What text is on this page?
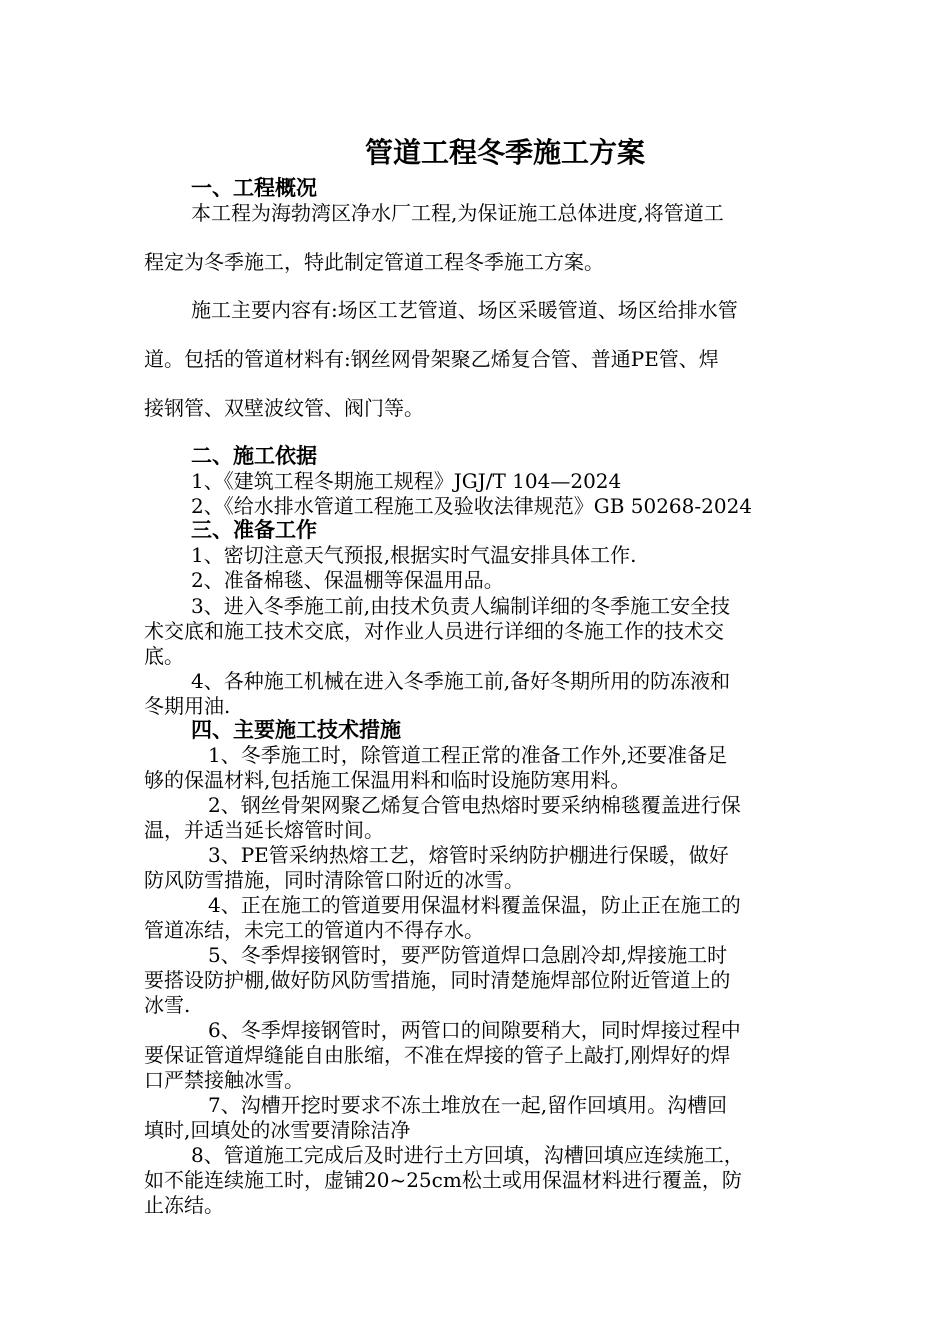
管道工程冬季施工方案

一、工程概况

本工程为海勃湾区净水厂工程,为保证施工总体进度,将管道工

程定为冬季施工，特此制定管道工程冬季施工方案。

施工主要内容有:场区工艺管道、场区采暖管道、场区给排水管

道。包括的管道材料有:钢丝网骨架聚乙烯复合管、普通PE管、焊

接钢管、双壁波纹管、阀门等。

二、施工依据

1、《建筑工程冬期施工规程》JGJ/T 104—2024

2、《给水排水管道工程施工及验收法律规范》GB 50268-2024

三、准备工作

1、密切注意天气预报,根据实时气温安排具体工作.

2、准备棉毯、保温棚等保温用品。

3、进入冬季施工前,由技术负责人编制详细的冬季施工安全技

术交底和施工技术交底，对作业人员进行详细的冬施工作的技术交

底。

4、各种施工机械在进入冬季施工前,备好冬期所用的防冻液和

冬期用油.

四、主要施工技术措施

1、冬季施工时，除管道工程正常的准备工作外,还要准备足

够的保温材料,包括施工保温用料和临时设施防寒用料。

2、钢丝骨架网聚乙烯复合管电热熔时要采纳棉毯覆盖进行保

温，并适当延长熔管时间。

3、PE管采纳热熔工艺，熔管时采纳防护棚进行保暖，做好

防风防雪措施，同时清除管口附近的冰雪。

4、正在施工的管道要用保温材料覆盖保温，防止正在施工的

管道冻结，未完工的管道内不得存水。

5、冬季焊接钢管时，要严防管道焊口急剧冷却,焊接施工时

要搭设防护棚,做好防风防雪措施，同时清楚施焊部位附近管道上的

冰雪.

6、冬季焊接钢管时，两管口的间隙要稍大，同时焊接过程中

要保证管道焊缝能自由胀缩，不准在焊接的管子上敲打,刚焊好的焊

口严禁接触冰雪。

7、沟槽开挖时要求不冻土堆放在一起,留作回填用。沟槽回

填时,回填处的冰雪要清除洁净

8、管道施工完成后及时进行土方回填，沟槽回填应连续施工，

如不能连续施工时，虚铺20~25cm松土或用保温材料进行覆盖，防

止冻结。
